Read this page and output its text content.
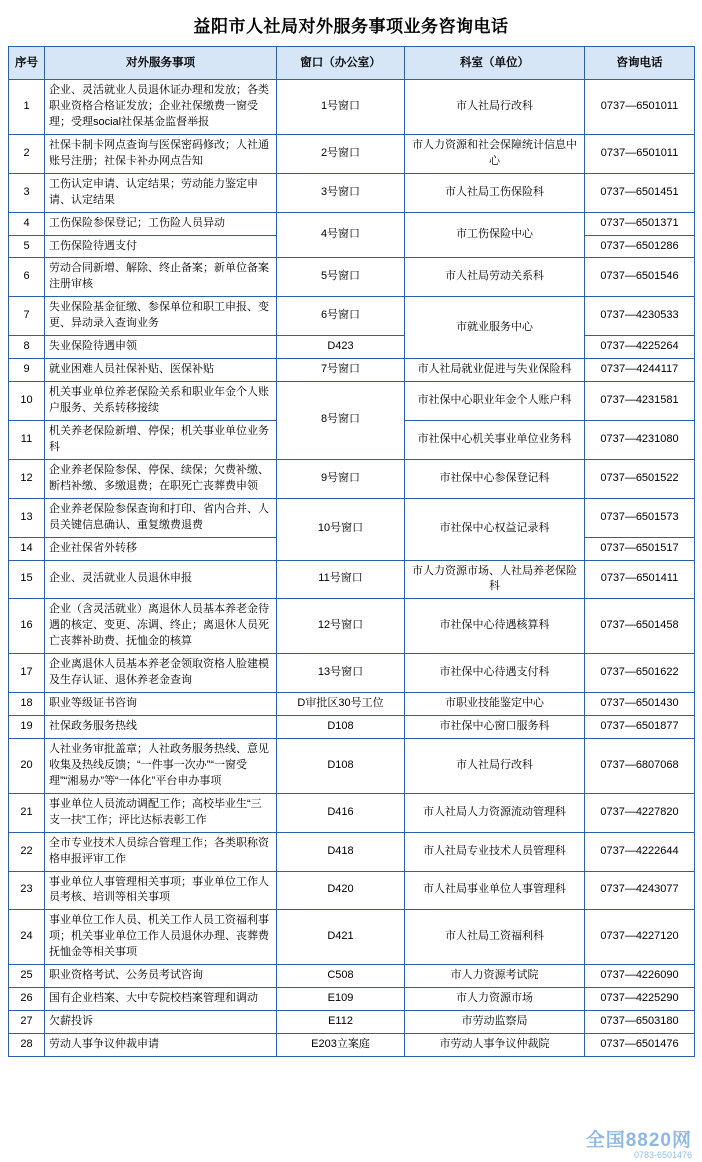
益阳市人社局对外服务事项业务咨询电话
序号	对外服务事项	窗口（办公室）	科室（单位）	咨询电话
1	企业、灵活就业人员退休证办理和发放；各类职业资格合格证发放；企业社保缴费一窗受理；受理social社保基金监督举报	1号窗口	市人社局行改科	0737—6501011
2	社保卡制卡网点查询与医保密码修改；人社通账号注册；社保卡补办网点告知	2号窗口	市人力资源和社会保障统计信息中心	0737—6501011
3	工伤认定申请、认定结果；劳动能力鉴定申请、认定结果	3号窗口	市人社局工伤保险科	0737—6501451
4	工伤保险参保登记；工伤险人员异动	4号窗口	市工伤保险中心	0737—6501371
5	工伤保险待遇支付			0737—6501286
6	劳动合同新增、解除、终止备案；新单位备案注册审核	5号窗口	市人社局劳动关系科	0737—6501546
7	失业保险基金征缴、参保单位和职工申报、变更、异动录入查询业务	6号窗口	市就业服务中心	0737—4230533
8	失业保险待遇申领	D423		0737—4225264
9	就业困难人员社保补贴、医保补贴	7号窗口	市人社局就业促进与失业保险科	0737—4244117
10	机关事业单位养老保险关系和职业年金个人账户服务、关系转移接续	8号窗口	市社保中心职业年金个人账户科	0737—4231581
11	机关养老保险新增、停保；机关事业单位业务科		市社保中心机关事业单位业务科	0737—4231080
12	企业养老保险参保、停保、续保；欠费补缴、断档补缴、多缴退费；在职死亡丧葬费申领	9号窗口	市社保中心参保登记科	0737—6501522
13	企业养老保险参保查询和打印、省内合并、人员关键信息确认、重复缴费退费	10号窗口	市社保中心权益记录科	0737—6501573
14	企业社保省外转移			0737—6501517
15	企业、灵活就业人员退休申报	11号窗口	市人力资源市场、人社局养老保险科	0737—6501411
16	企业（含灵活就业）离退休人员基本养老金待遇的核定、变更、冻调、终止；离退休人员死亡丧葬补助费、抚恤金的核算	12号窗口	市社保中心待遇核算科	0737—6501458
17	企业离退休人员基本养老金领取资格人脸建模及生存认证、退休养老金查询	13号窗口	市社保中心待遇支付科	0737—6501622
18	职业等级证书咨询	D审批区30号工位	市职业技能鉴定中心	0737—6501430
19	社保政务服务热线	D108	市社保中心窗口服务科	0737—6501877
20	人社业务审批盖章；人社政务服务热线、意见收集及热线反馈；“一件事一次办”“一窗受理”“湘易办”等“一体化”平台申办事项	D108	市人社局行改科	0737—6807068
21	事业单位人员流动调配工作；高校毕业生“三支一扶”工作；评比达标表彰工作	D416	市人社局人力资源流动管理科	0737—4227820
22	全市专业技术人员综合管理工作；各类职称资格申报评审工作	D418	市人社局专业技术人员管理科	0737—4222644
23	事业单位人事管理相关事项；事业单位工作人员考核、培训等相关事项	D420	市人社局事业单位人事管理科	0737—4243077
24	事业单位工作人员、机关工作人员工资福利事项；机关事业单位工作人员退休办理、丧葬费抚恤金等相关事项	D421	市人社局工资福利科	0737—4227120
25	职业资格考试、公务员考试咨询	C508	市人力资源考试院	0737—4226090
26	国有企业档案、大中专院校档案管理和调动	E109	市人力资源市场	0737—4225290
27	欠薪投诉	E112	市劳动监察局	0737—6503180
28	劳动人事争议仲裁申请	E203立案庭	市劳动人事争议仲裁院	0737—6501476
全国8820网
0783-6501476
